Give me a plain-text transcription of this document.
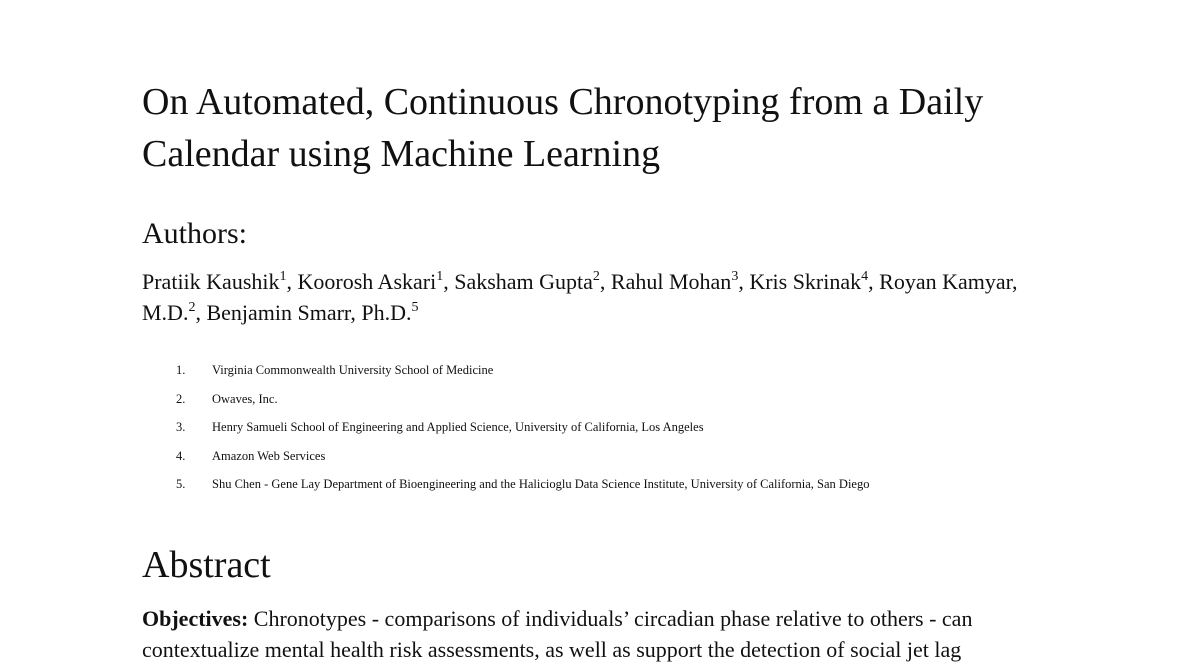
On Automated, Continuous Chronotyping from a Daily Calendar using Machine Learning
Authors:

Pratiik Kaushik$^1$, Koorosh Askari$^1$, Saksham Gupta$^2$, Rahul Mohan$^3$, Kris Skrinak$^4$, Royan Kamyar, M.D.$^2$, Benjamin Smarr, Ph.D.$^5$

1.	Virginia Commonwealth University School of Medicine
2.	Owaves, Inc.
3.	Henry Samueli School of Engineering and Applied Science, University of California, Los Angeles
4.	Amazon Web Services
5.	Shu Chen - Gene Lay Department of Bioengineering and the Halicioglu Data Science Institute, University of California, San Diego
Abstract

Objectives: Chronotypes - comparisons of individuals’ circadian phase relative to others - can contextualize mental health risk assessments, as well as support the detection of social jet lag
